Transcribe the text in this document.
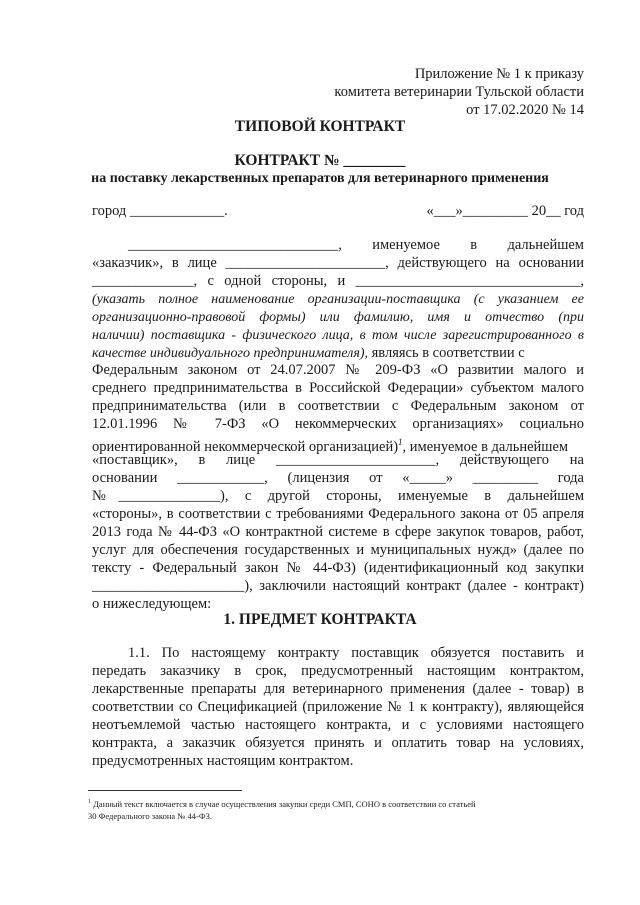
Приложение № 1 к приказу
комитета ветеринарии Тульской области
от 17.02.2020 № 14
ТИПОВОЙ КОНТРАКТ
КОНТРАКТ № ________
на поставку лекарственных препаратов для ветеринарного применения
город _____________.	«___»_________ 20__ год
_____________________________, именуемое в дальнейшем
«заказчик», в лице ______________________, действующего на основании
______________, с одной стороны, и _______________________________,
(указать полное наименование организации-поставщика (с указанием ее
организационно-правовой формы) или фамилию, имя и отчество (при
наличии) поставщика - физического лица, в том числе зарегистрированного в
качестве индивидуального предпринимателя), являясь в соответствии с
Федеральным законом от 24.07.2007 № 209-ФЗ «О развитии малого и
среднего предпринимательства в Российской Федерации» субъектом малого
предпринимательства (или в соответствии с Федеральным законом от
12.01.1996 № 7-ФЗ «О некоммерческих организациях» социально
ориентированной некоммерческой организацией)$^1$, именуемое в дальнейшем
«поставщик», в лице ______________________, действующего на
основании ____________, (лицензия от «_____» _________ года
№______________), с другой стороны, именуемые в дальнейшем
«стороны», в соответствии с требованиями Федерального закона от 05 апреля
2013 года № 44-ФЗ «О контрактной системе в сфере закупок товаров, работ,
услуг для обеспечения государственных и муниципальных нужд» (далее по
тексту - Федеральный закон № 44-ФЗ) (идентификационный код закупки
_____________________), заключили настоящий контракт (далее - контракт)
о нижеследующем:
1. ПРЕДМЕТ КОНТРАКТА
1.1. По настоящему контракту поставщик обязуется поставить и
передать заказчику в срок, предусмотренный настоящим контрактом,
лекарственные препараты для ветеринарного применения (далее - товар) в
соответствии со Спецификацией (приложение № 1 к контракту), являющейся
неотъемлемой частью настоящего контракта, и с условиями настоящего
контракта, а заказчик обязуется принять и оплатить товар на условиях,
предусмотренных настоящим контрактом.
$^1$ Данный текст включается в случае осуществления закупки среди СМП, СОНО в соответствии со статьей
30 Федерального закона № 44-ФЗ.
